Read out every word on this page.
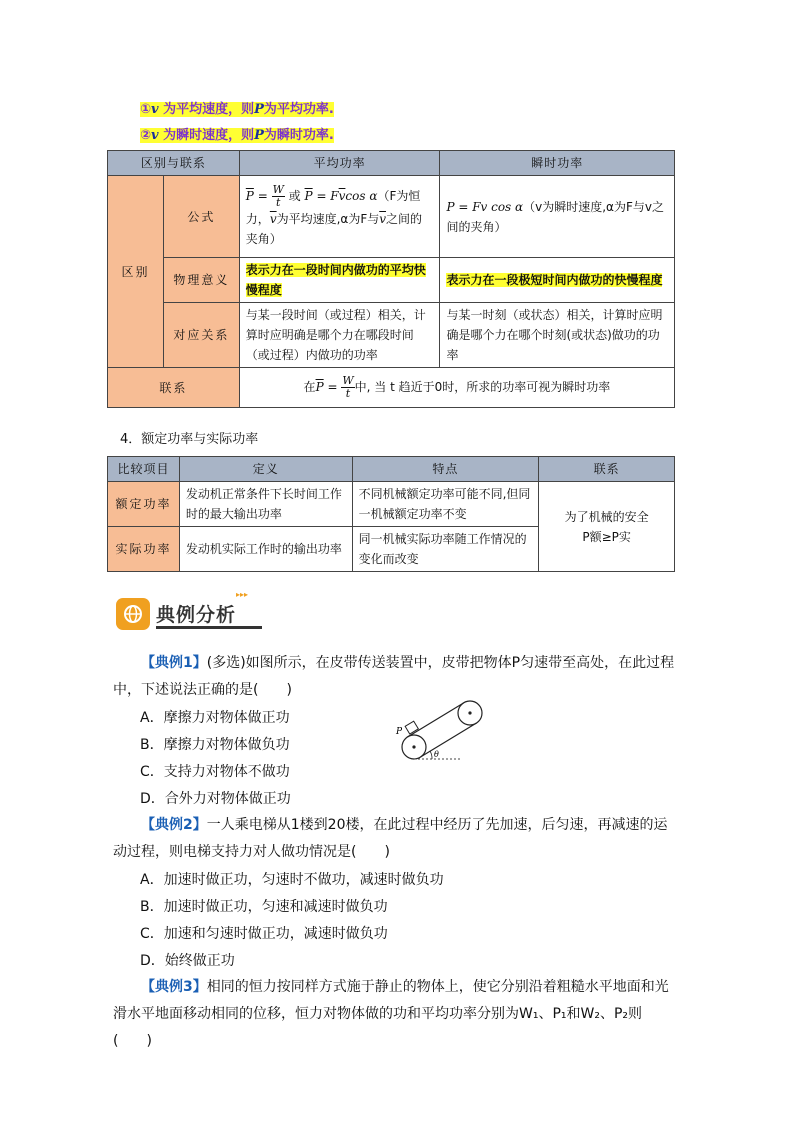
①v 为平均速度，则P为平均功率.
②v 为瞬时速度，则P为瞬时功率.
区别与联系		平均功率	瞬时功率
区别	公式	$\overline{P} = \frac{W}{t}$ 或 $\overline{P} = F\overline{v}\cos$ α（F为恒力，$\overline{v}$为平均速度,α为F与$\overline{v}$之间的夹角）	P = Fv cos α（v为瞬时速度,α为F与v之间的夹角）
	物理意义	表示力在一段时间内做功的平均快慢程度	表示力在一段极短时间内做功的快慢程度
	对应关系	与某一段时间（或过程）相关，计算时应明确是哪个力在哪段时间（或过程）内做功的功率	与某一时刻（或状态）相关，计算时应明确是哪个力在哪个时刻(或状态)做功的功率
联系		在$\overline{P} = \frac{W}{t}$ 中, 当 t 趋近于0时，所求的功率可视为瞬时功率	
4．额定功率与实际功率
比较项目	定义	特点	联系
额定功率	发动机正常条件下长时间工作时的最大输出功率	不同机械额定功率可能不同,但同一机械额定功率不变	为了机械的安全
P额≥P实

实际功率	发动机实际工作时的输出功率	同一机械实际功率随工作情况的变化而改变	
典例分析
▸▸▸
【典例1】(多选)如图所示，在皮带传送装置中，皮带把物体P匀速带至高处，在此过程中，下述说法正确的是(　　)
A．摩擦力对物体做正功
B．摩擦力对物体做负功
C．支持力对物体不做功
D．合外力对物体做正功
P
θ
【典例2】一人乘电梯从1楼到20楼，在此过程中经历了先加速，后匀速，再减速的运动过程，则电梯支持力对人做功情况是(　　)
A．加速时做正功，匀速时不做功，减速时做负功
B．加速时做正功，匀速和减速时做负功
C．加速和匀速时做正功，减速时做负功
D．始终做正功
【典例3】相同的恒力按同样方式施于静止的物体上，使它分别沿着粗糙水平地面和光滑水平地面移动相同的位移，恒力对物体做的功和平均功率分别为W₁、P₁和W₂、P₂则(　　)
